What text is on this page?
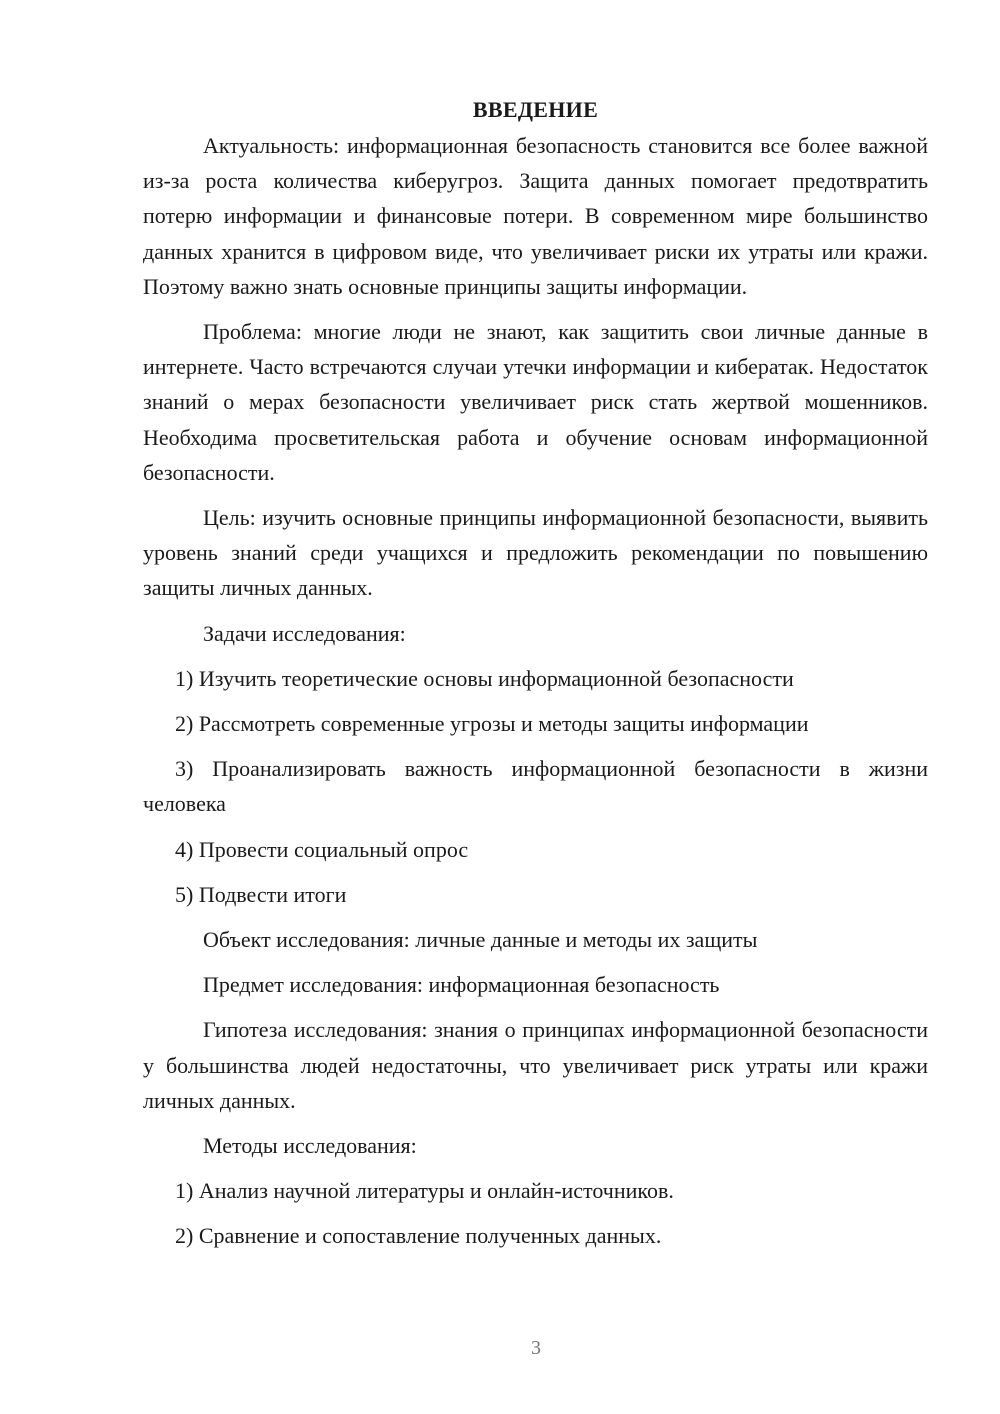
ВВЕДЕНИЕ

Актуальность: информационная безопасность становится все более важной из-за роста количества киберугроз. Защита данных помогает предотвратить потерю информации и финансовые потери. В современном мире большинство данных хранится в цифровом виде, что увеличивает риски их утраты или кражи. Поэтому важно знать основные принципы защиты информации.

Проблема: многие люди не знают, как защитить свои личные данные в интернете. Часто встречаются случаи утечки информации и кибератак. Недостаток знаний о мерах безопасности увеличивает риск стать жертвой мошенников. Необходима просветительская работа и обучение основам информационной безопасности.

Цель: изучить основные принципы информационной безопасности, выявить уровень знаний среди учащихся и предложить рекомендации по повышению защиты личных данных.

Задачи исследования:

1) Изучить теоретические основы информационной безопасности

2) Рассмотреть современные угрозы и методы защиты информации

3) Проанализировать важность информационной безопасности в жизни человека

4) Провести социальный опрос

5) Подвести итоги

Объект исследования: личные данные и методы их защиты

Предмет исследования: информационная безопасность

Гипотеза исследования: знания о принципах информационной безопасности у большинства людей недостаточны, что увеличивает риск утраты или кражи личных данных.

Методы исследования:

1) Анализ научной литературы и онлайн-источников.

2) Сравнение и сопоставление полученных данных.

3
